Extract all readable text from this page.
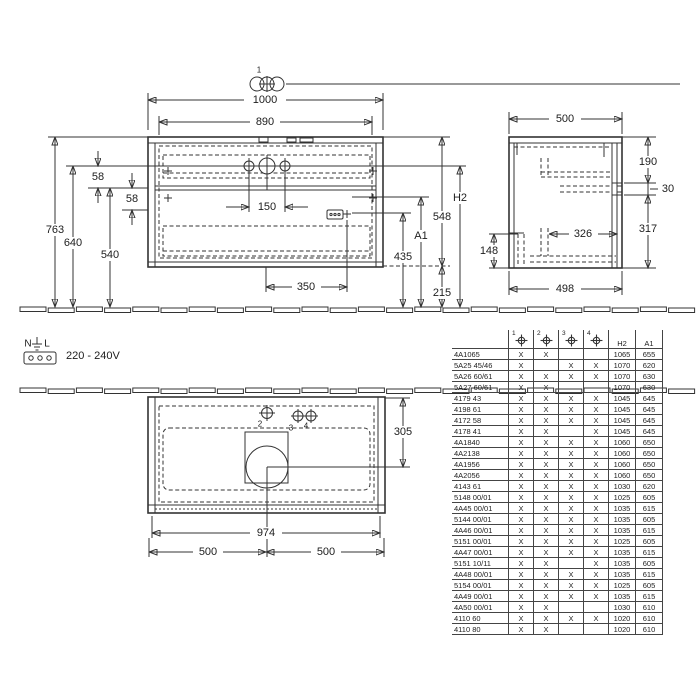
1
1000
890
150
763
640
540
58
58	H2
548
A1
435
215
350
N L
220 - 240V
500
326
190
30
317
148
498
2	3 4	305
974
500	500

	1	2	3	4	H2	A1
4A1065	X	X			1065	655
5A25 45/46	X		X	X	1070	620
5A26 60/61	X	X	X	X	1070	630
5A27 60/61	X	X			1070	630
4179 43	X	X	X	X	1045	645
4198 61	X	X	X	X	1045	645
4172 58	X	X	X	X	1045	645
4178 41	X	X		X	1045	645
4A1840	X	X	X	X	1060	650
4A2138	X	X	X	X	1060	650
4A1956	X	X	X	X	1060	650
4A2056	X	X	X	X	1060	650
4143 61	X	X	X	X	1030	620
5148 00/01	X	X	X	X	1025	605
4A45 00/01	X	X	X	X	1035	615
5144 00/01	X	X	X	X	1035	605
4A46 00/01	X	X	X	X	1035	615
5151 00/01	X	X	X	X	1025	605
4A47 00/01	X	X	X	X	1035	615
5151 10/11	X	X		X	1035	605
4A48 00/01	X	X	X	X	1035	615
5154 00/01	X	X	X	X	1025	605
4A49 00/01	X	X	X	X	1035	615
4A50 00/01	X	X			1030	610
4110 60	X	X	X	X	1020	610
4110 80	X	X			1020	610
